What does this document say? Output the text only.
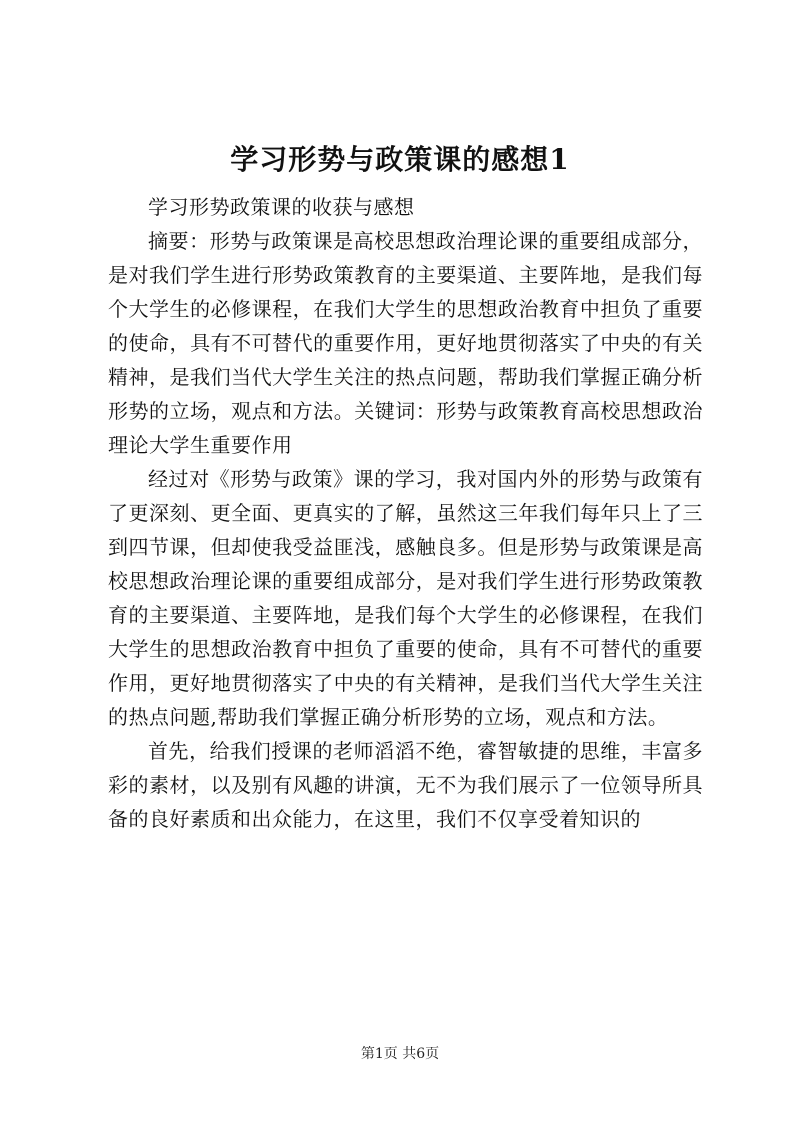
学习形势与政策课的感想1

学习形势政策课的收获与感想

摘要：形势与政策课是高校思想政治理论课的重要组成部分，是对我们学生进行形势政策教育的主要渠道、主要阵地，是我们每个大学生的必修课程，在我们大学生的思想政治教育中担负了重要的使命，具有不可替代的重要作用，更好地贯彻落实了中央的有关精神，是我们当代大学生关注的热点问题，帮助我们掌握正确分析形势的立场，观点和方法。关键词：形势与政策教育高校思想政治理论大学生重要作用

经过对《形势与政策》课的学习，我对国内外的形势与政策有了更深刻、更全面、更真实的了解，虽然这三年我们每年只上了三到四节课，但却使我受益匪浅，感触良多。但是形势与政策课是高校思想政治理论课的重要组成部分，是对我们学生进行形势政策教育的主要渠道、主要阵地，是我们每个大学生的必修课程，在我们大学生的思想政治教育中担负了重要的使命，具有不可替代的重要作用，更好地贯彻落实了中央的有关精神，是我们当代大学生关注的热点问题,帮助我们掌握正确分析形势的立场，观点和方法。

首先，给我们授课的老师滔滔不绝，睿智敏捷的思维，丰富多彩的素材，以及别有风趣的讲演，无不为我们展示了一位领导所具备的良好素质和出众能力，在这里，我们不仅享受着知识的

第1页 共6页
